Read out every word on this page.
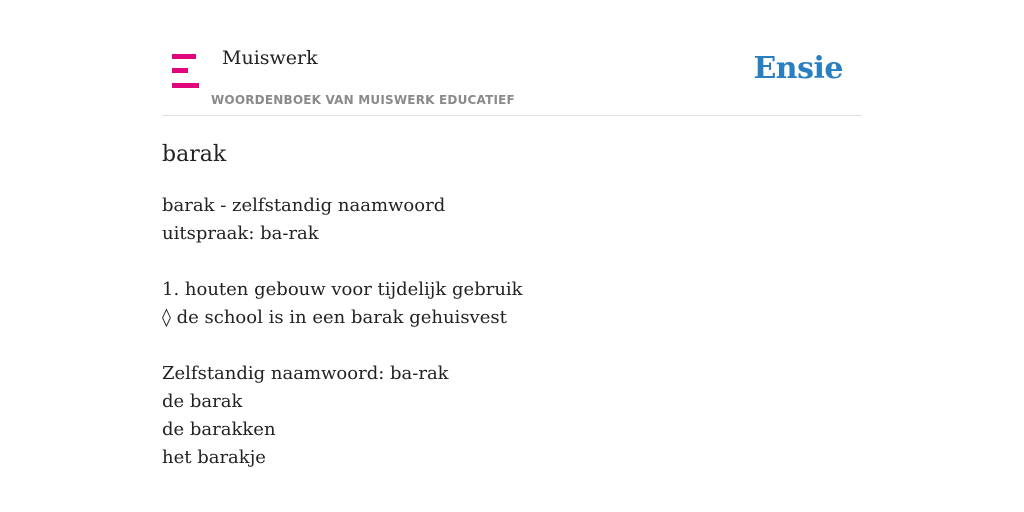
Muiswerk
WOORDENBOEK VAN MUISWERK EDUCATIEF
Ensie
barak
barak - zelfstandig naamwoord
uitspraak: ba-rak
1. houten gebouw voor tijdelijk gebruik
◊ de school is in een barak gehuisvest
Zelfstandig naamwoord: ba-rak
de barak
de barakken
het barakje
